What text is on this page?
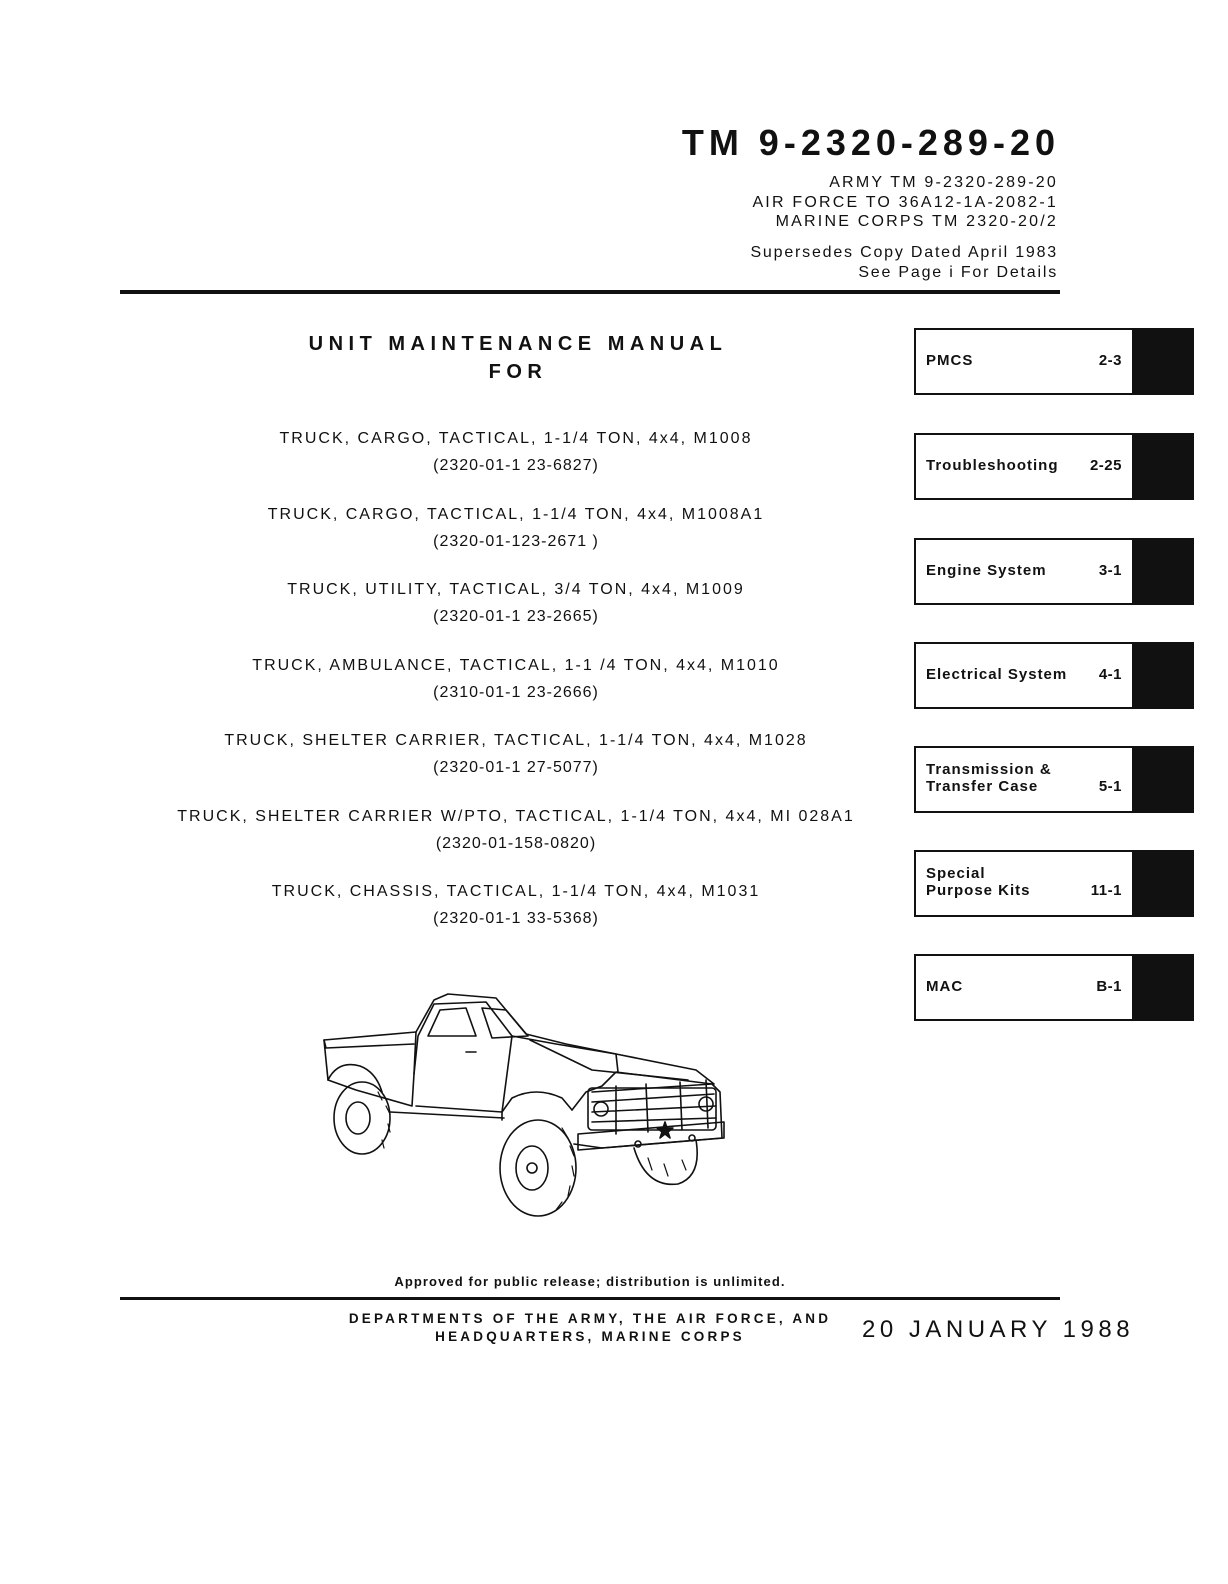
TM 9-2320-289-20
ARMY TM 9-2320-289-20
AIR FORCE TO 36A12-1A-2082-1
MARINE CORPS TM 2320-20/2
Supersedes Copy Dated April 1983
See Page i For Details
UNIT MAINTENANCE MANUAL
FOR
TRUCK, CARGO, TACTICAL, 1-1/4 TON, 4x4, M1008
(2320-01-1 23-6827)
TRUCK, CARGO, TACTICAL, 1-1/4 TON, 4x4, M1008A1
(2320-01-123-2671 )
TRUCK, UTILITY, TACTICAL, 3/4 TON, 4x4, M1009
(2320-01-1 23-2665)
TRUCK, AMBULANCE, TACTICAL, 1-1 /4 TON, 4x4, M1010
(2310-01-1 23-2666)
TRUCK, SHELTER CARRIER, TACTICAL, 1-1/4 TON, 4x4, M1028
(2320-01-1 27-5077)
TRUCK, SHELTER CARRIER W/PTO, TACTICAL, 1-1/4 TON, 4x4, MI 028A1
(2320-01-158-0820)
TRUCK, CHASSIS, TACTICAL, 1-1/4 TON, 4x4, M1031
(2320-01-1 33-5368)
PMCS	2-3
Troubleshooting 2-25
Engine System	3-1
Electrical System 4-1
Transmission &
Transfer Case	5-1
Special
Purpose Kits	11-1
MAC	B-1
Approved for public release; distribution is unlimited.
DEPARTMENTS OF THE ARMY, THE AIR FORCE, AND
HEADQUARTERS, MARINE CORPS	20 JANUARY 1988
